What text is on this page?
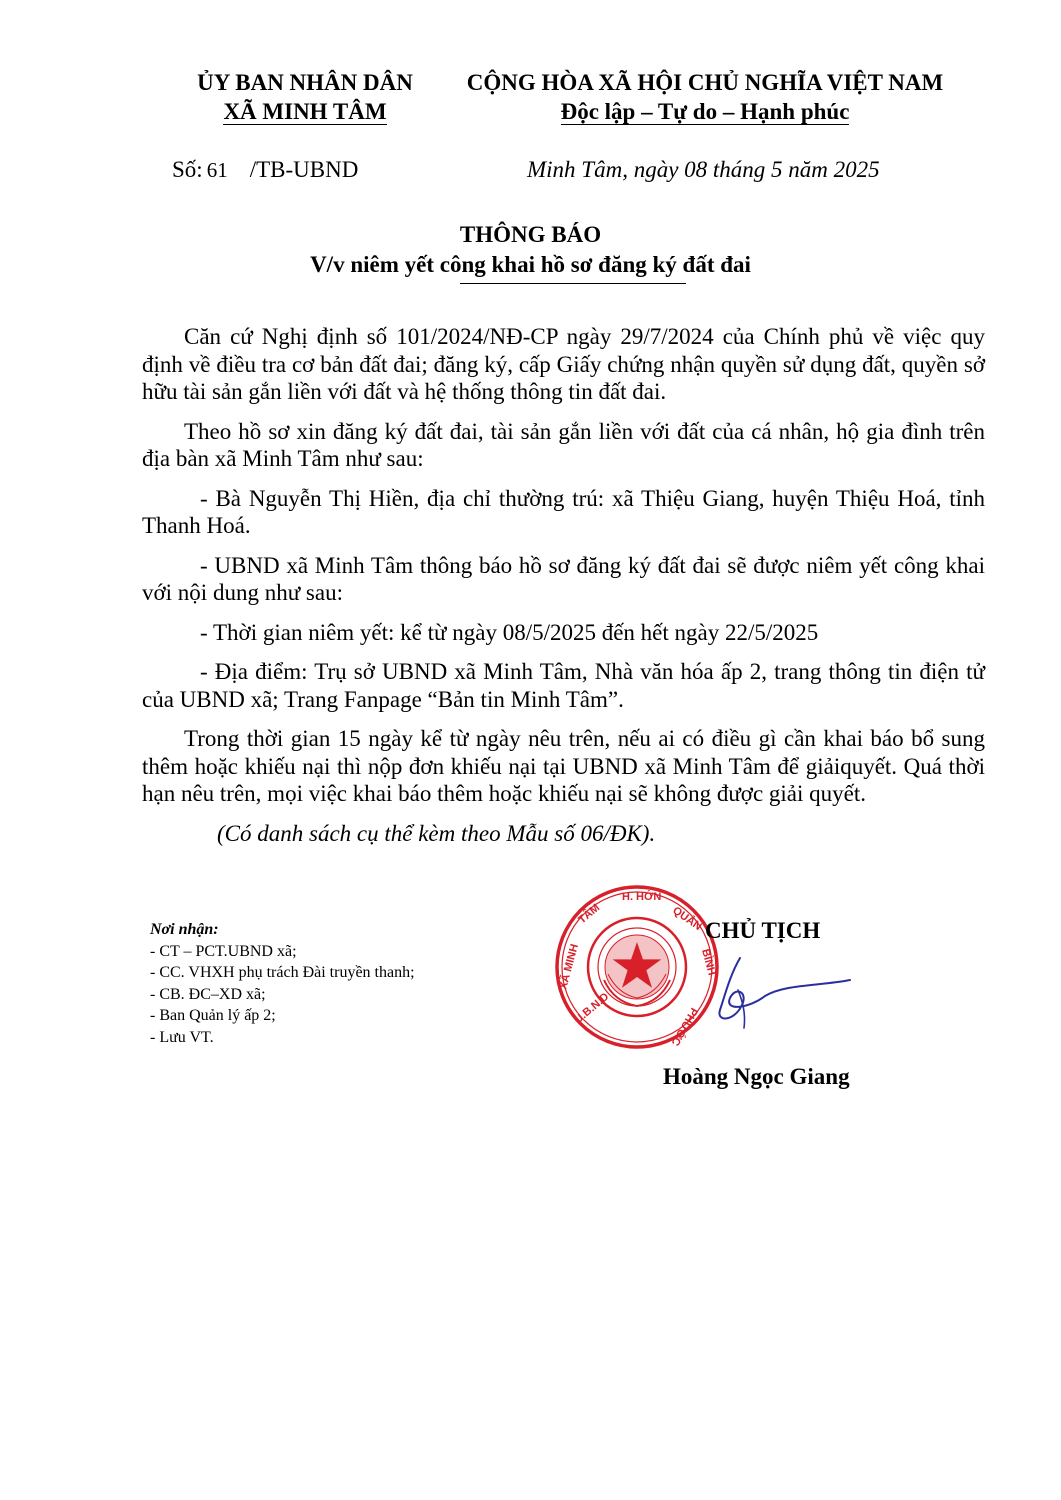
ỦY BAN NHÂN DÂN
XÃ MINH TÂM
CỘNG HÒA XÃ HỘI CHỦ NGHĨA VIỆT NAM
Độc lập – Tự do – Hạnh phúc
Số: 61 /TB-UBND	Minh Tâm, ngày 08 tháng 5 năm 2025
THÔNG BÁO
V/v niêm yết công khai hồ sơ đăng ký đất đai

Căn cứ Nghị định số 101/2024/NĐ-CP ngày 29/7/2024 của Chính phủ về việc quy định về điều tra cơ bản đất đai; đăng ký, cấp Giấy chứng nhận quyền sử dụng đất, quyền sở hữu tài sản gắn liền với đất và hệ thống thông tin đất đai.

Theo hồ sơ xin đăng ký đất đai, tài sản gắn liền với đất của cá nhân, hộ gia đình trên địa bàn xã Minh Tâm như sau:

- Bà Nguyễn Thị Hiền, địa chỉ thường trú: xã Thiệu Giang, huyện Thiệu Hoá, tỉnh Thanh Hoá.

- UBND xã Minh Tâm thông báo hồ sơ đăng ký đất đai sẽ được niêm yết công khai với nội dung như sau:

- Thời gian niêm yết: kể từ ngày 08/5/2025 đến hết ngày 22/5/2025

- Địa điểm: Trụ sở UBND xã Minh Tâm, Nhà văn hóa ấp 2, trang thông tin điện tử của UBND xã; Trang Fanpage “Bản tin Minh Tâm”.

Trong thời gian 15 ngày kể từ ngày nêu trên, nếu ai có điều gì cần khai báo bổ sung thêm hoặc khiếu nại thì nộp đơn khiếu nại tại UBND xã Minh Tâm để giảiquyết. Quá thời hạn nêu trên, mọi việc khai báo thêm hoặc khiếu nại sẽ không được giải quyết.

(Có danh sách cụ thể kèm theo Mẫu số 06/ĐK).

Nơi nhận:
- CT – PCT.UBND xã;
- CC. VHXH phụ trách Đài truyền thanh;
- CB. ĐC–XD xã;
- Ban Quản lý ấp 2;
- Lưu VT.
U.B.N.D
XÃ MINH
TÂM
H. HỚN
QUẢN
BÌNH
PHƯỚC
CHỦ TỊCH
Hoàng Ngọc Giang
